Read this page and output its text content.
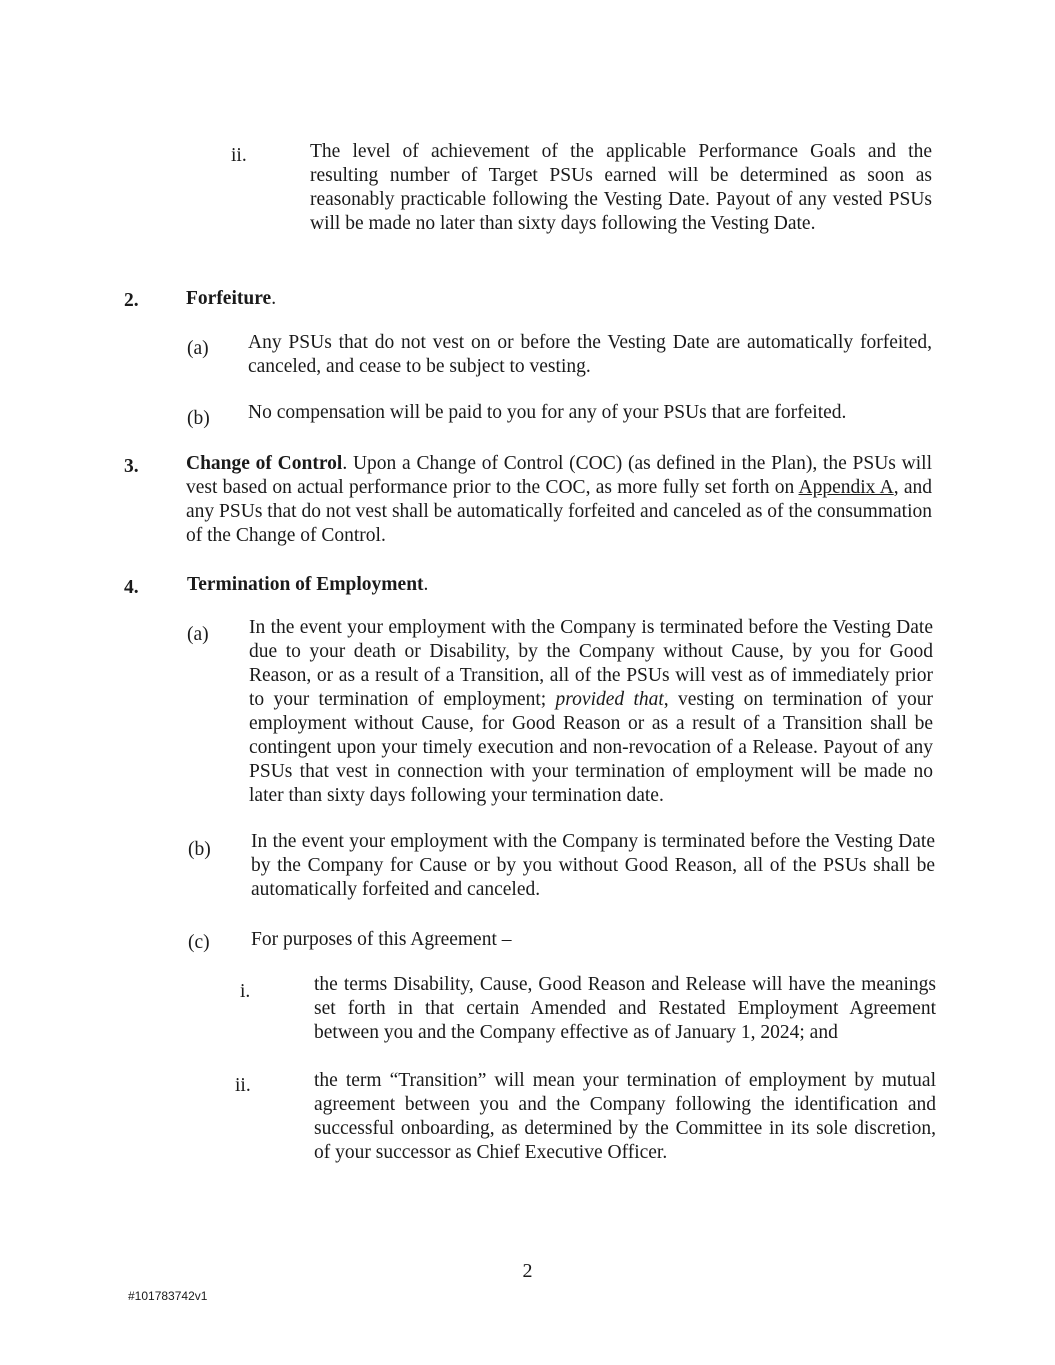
ii.	The level of achievement of the applicable Performance Goals and the resulting number of Target PSUs earned will be determined as soon as reasonably practicable following the Vesting Date. Payout of any vested PSUs will be made no later than sixty days following the Vesting Date.
2. Forfeiture.
(a) Any PSUs that do not vest on or before the Vesting Date are automatically forfeited, canceled, and cease to be subject to vesting.
(b) No compensation will be paid to you for any of your PSUs that are forfeited.
3. Change of Control. Upon a Change of Control (COC) (as defined in the Plan), the PSUs will vest based on actual performance prior to the COC, as more fully set forth on Appendix A, and any PSUs that do not vest shall be automatically forfeited and canceled as of the consummation of the Change of Control.
4. Termination of Employment.
(a) In the event your employment with the Company is terminated before the Vesting Date due to your death or Disability, by the Company without Cause, by you for Good Reason, or as a result of a Transition, all of the PSUs will vest as of immediately prior to your termination of employment; provided that, vesting on termination of your employment without Cause, for Good Reason or as a result of a Transition shall be contingent upon your timely execution and non-revocation of a Release. Payout of any PSUs that vest in connection with your termination of employment will be made no later than sixty days following your termination date.
(b) In the event your employment with the Company is terminated before the Vesting Date by the Company for Cause or by you without Good Reason, all of the PSUs shall be automatically forfeited and canceled.
(c) For purposes of this Agreement –
i.	the terms Disability, Cause, Good Reason and Release will have the meanings set forth in that certain Amended and Restated Employment Agreement between you and the Company effective as of January 1, 2024; and
ii.	the term “Transition” will mean your termination of employment by mutual agreement between you and the Company following the identification and successful onboarding, as determined by the Committee in its sole discretion, of your successor as Chief Executive Officer.
2
#101783742v1
